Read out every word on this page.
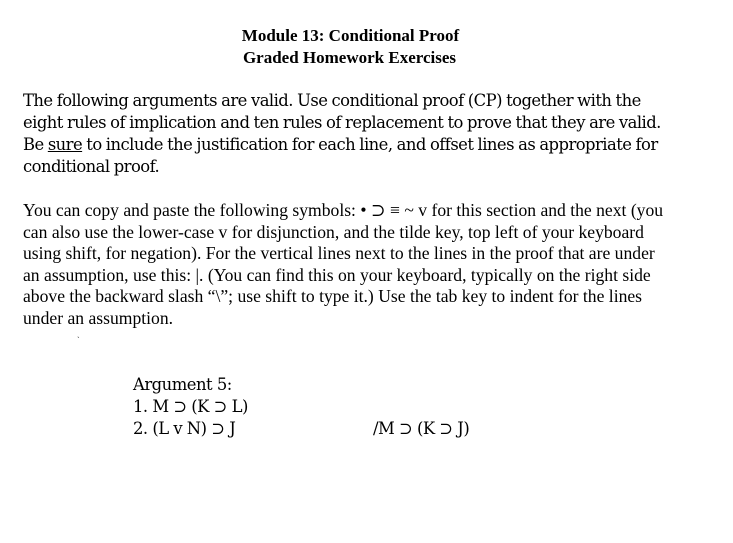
Module 13: Conditional Proof
Graded Homework Exercises

The following arguments are valid. Use conditional proof (CP) together with the eight rules of implication and ten rules of replacement to prove that they are valid. Be sure to include the justification for each line, and offset lines as appropriate for conditional proof.

You can copy and paste the following symbols: • ⊃ ≡ ~ v for this section and the next (you can also use the lower-case v for disjunction, and the tilde key, top left of your keyboard using shift, for negation). For the vertical lines next to the lines in the proof that are under an assumption, use this: |. (You can find this on your keyboard, typically on the right side above the backward slash “\”; use shift to type it.) Use the tab key to indent for the lines under an assumption.

ˎ
Argument 5:
1. M ⊃ (K ⊃ L)
2. (L v N) ⊃ J	/M ⊃ (K ⊃ J)
